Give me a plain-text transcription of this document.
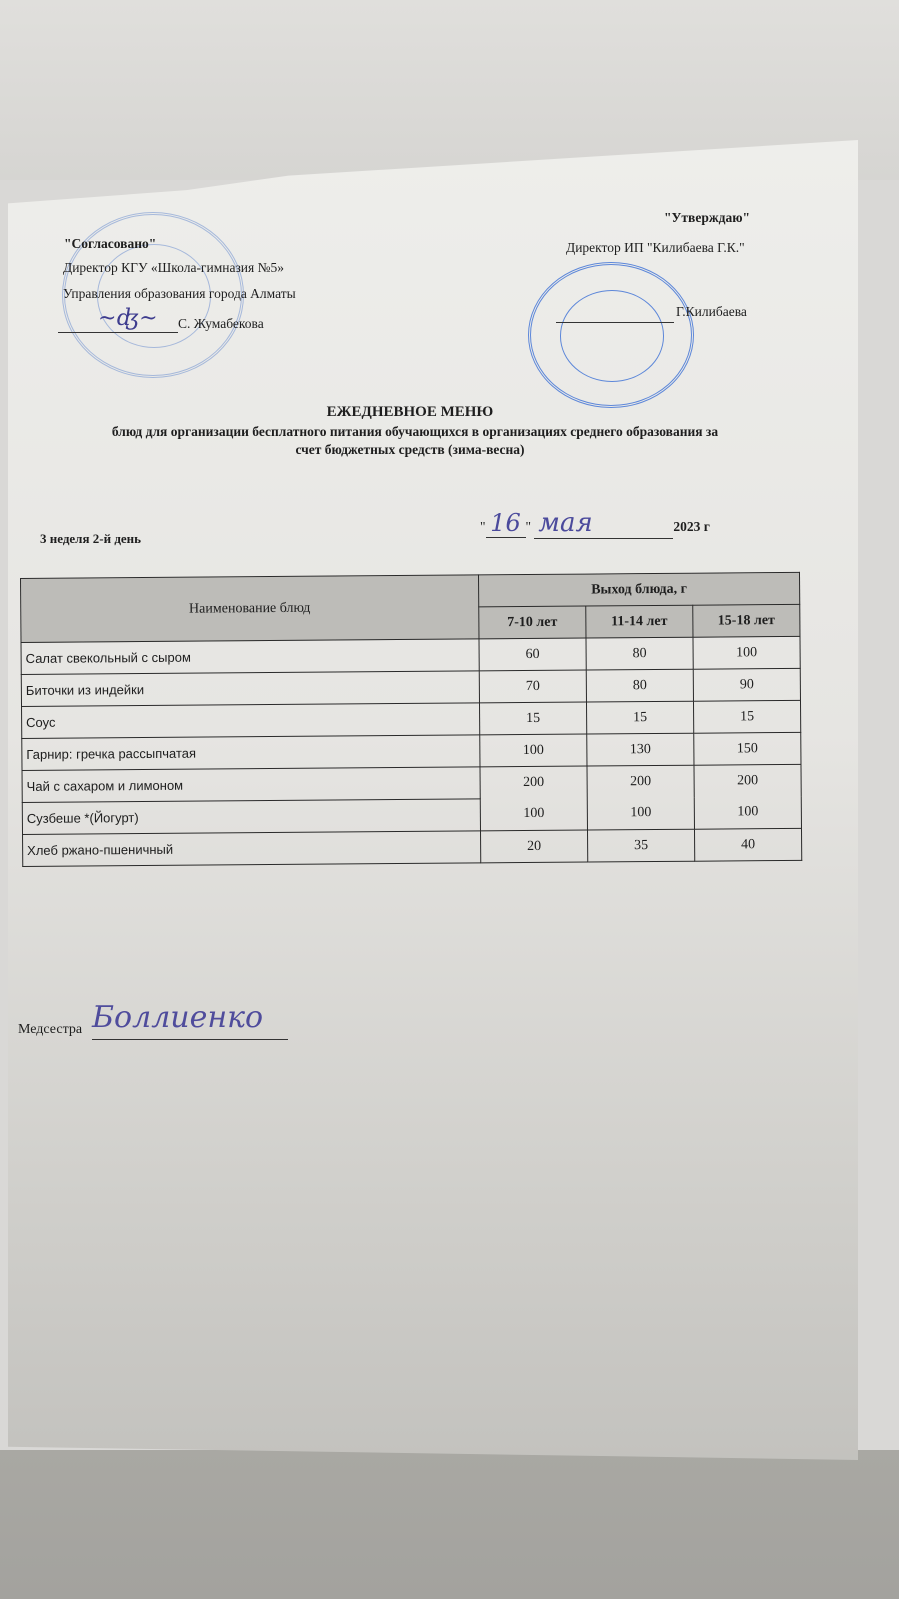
"Согласовано"
Директор КГУ «Школа-гимназия №5»
Управления образования города Алматы
~ʤ~ С. Жумабекова
"Утверждаю"
Директор ИП "Килибаева Г.К."
Г.Килибаева
ЕЖЕДНЕВНОЕ МЕНЮ
блюд для организации бесплатного питания обучающихся в организациях среднего образования за
счет бюджетных средств (зима-весна)
3 неделя 2-й день
" 16 " мая	2023 г
Наименование блюд	Выход блюда, г		
	7-10 лет	11-14 лет	15-18 лет
Салат свекольный с сыром	60	80	100
Биточки из индейки	70	80	90
Соус	15	15	15
Гарнир: гречка рассыпчатая	100	130	150
Чай с сахаром и лимоном	200	200	200
Сузбеше *(Йогурт)	100	100	100
Хлеб ржано-пшеничный	20	35	40
Медсестра Боллиенко
